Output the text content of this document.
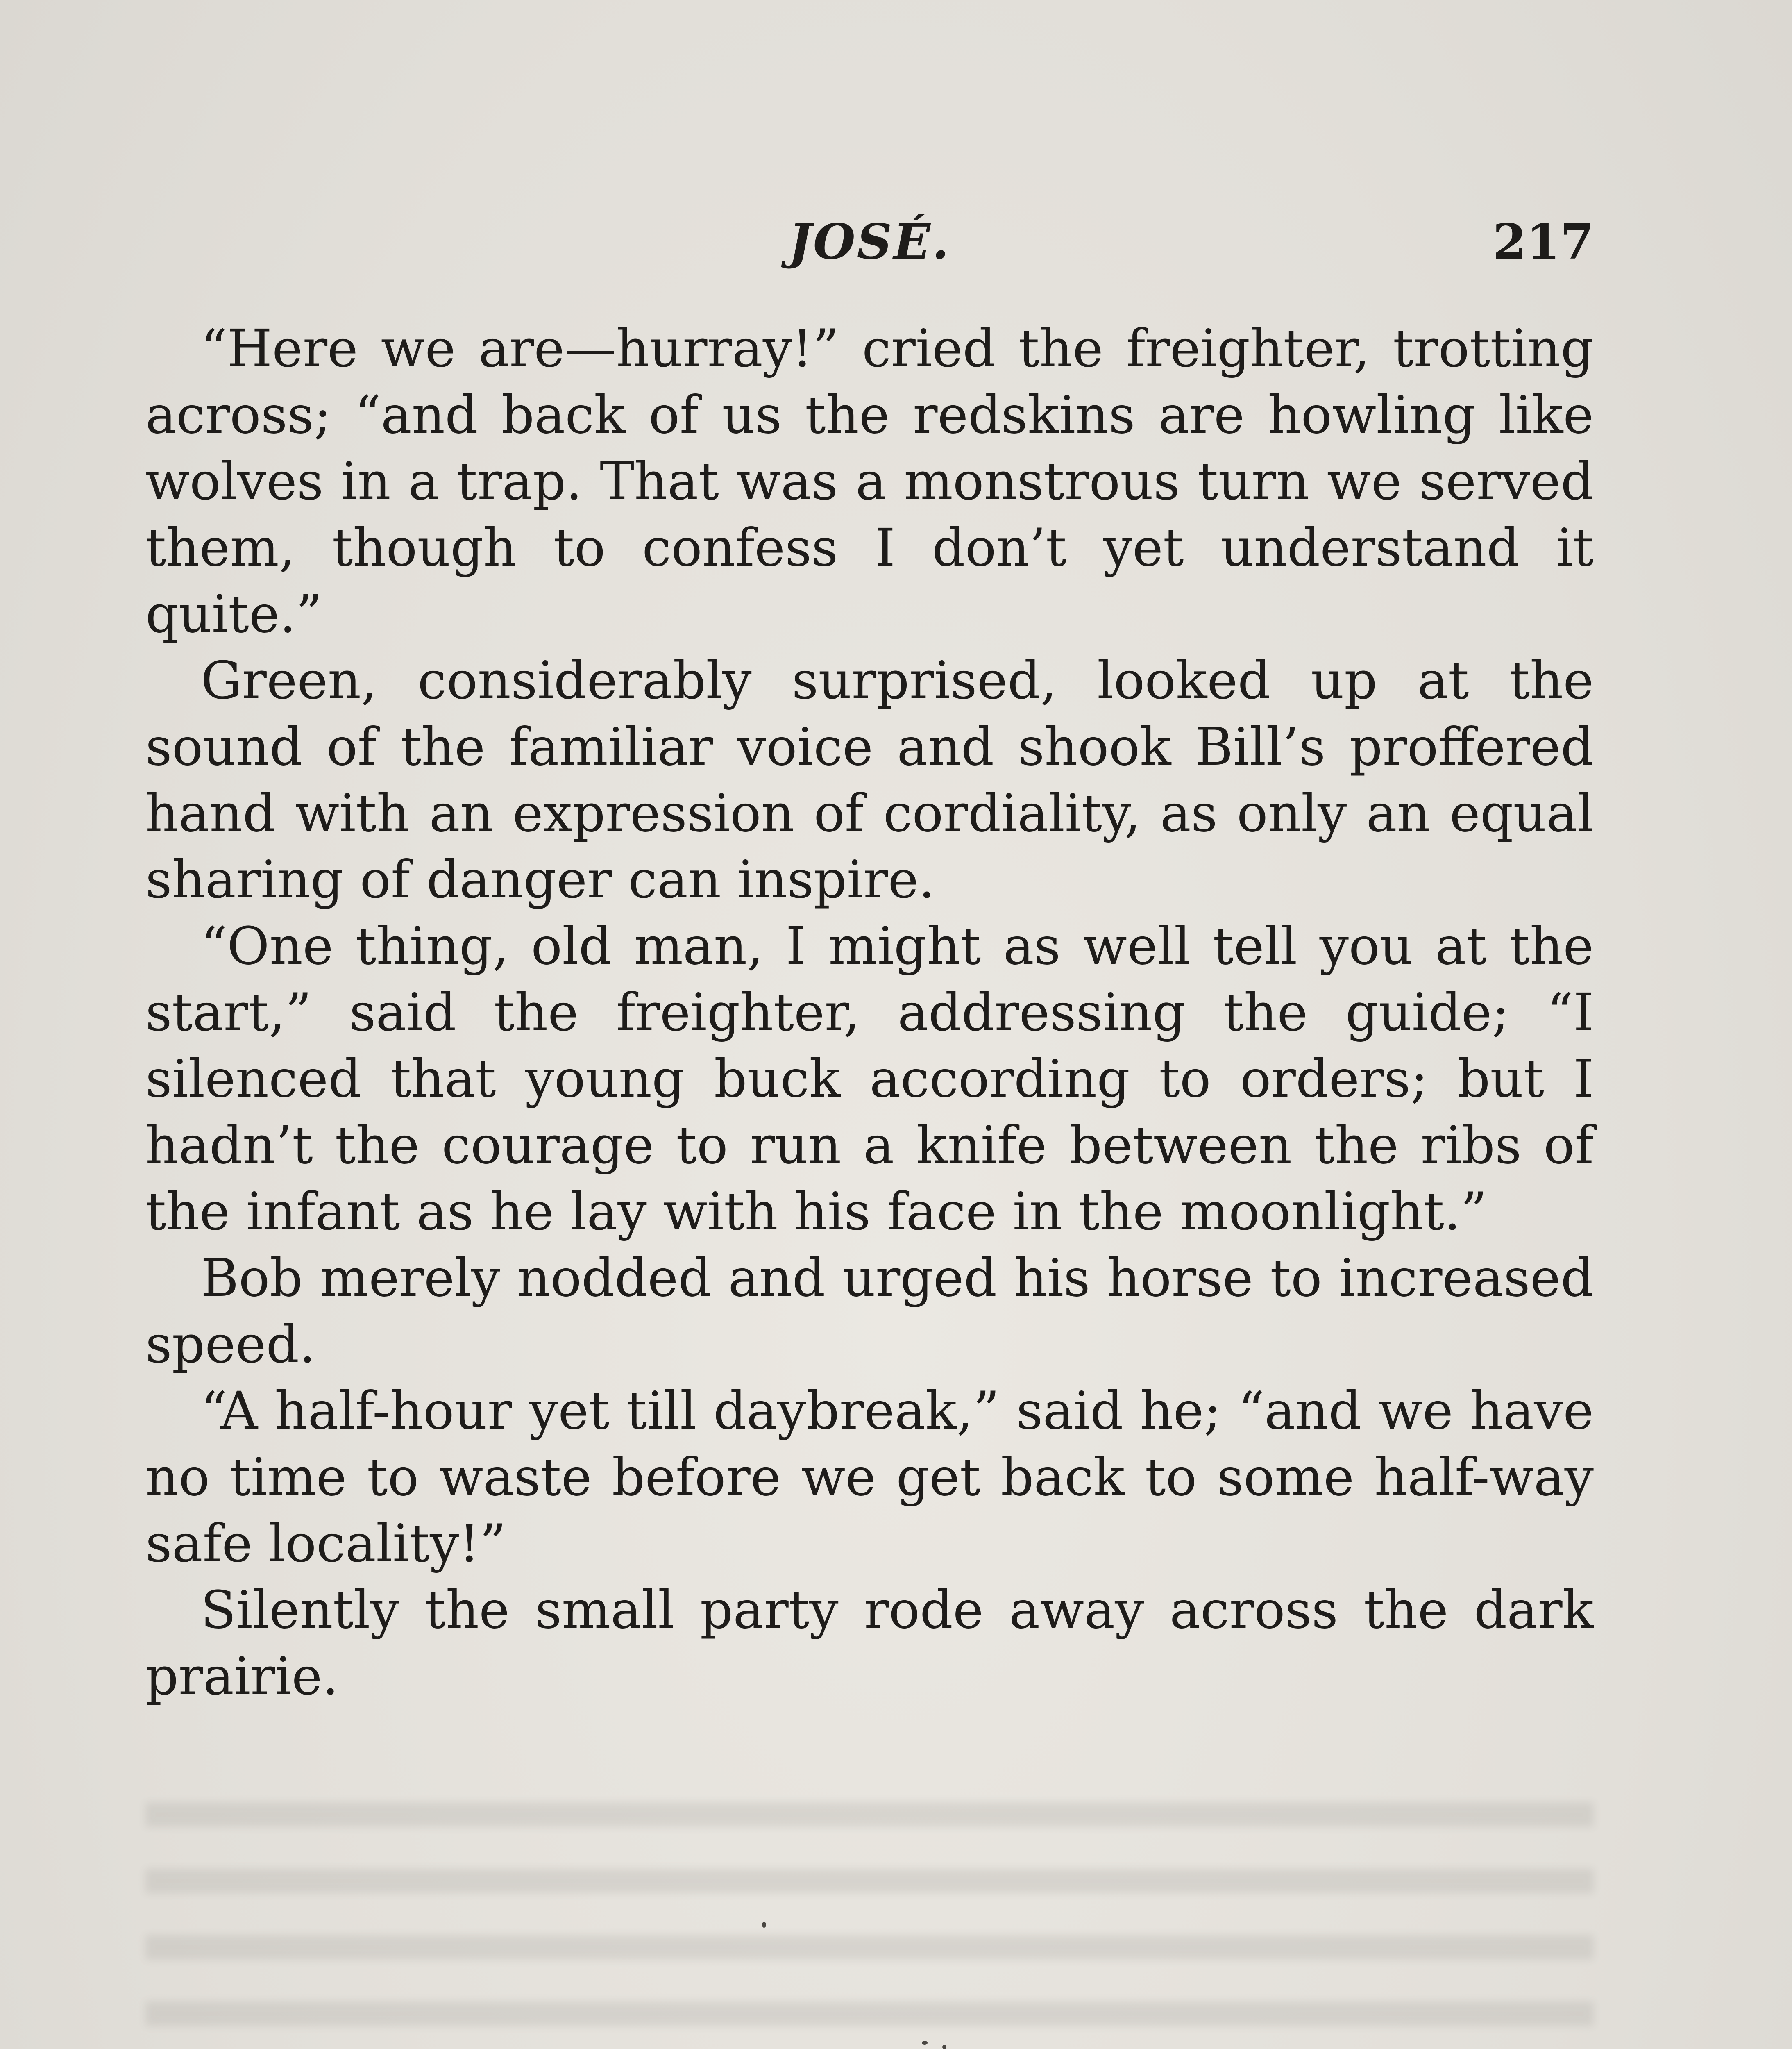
JOSÉ.	217

“Here we are—hurray!” cried the freighter, trotting across; “and back of us the redskins are howling like wolves in a trap. That was a monstrous turn we served them, though to confess I don’t yet understand it quite.”

Green, considerably surprised, looked up at the sound of the familiar voice and shook Bill’s proffered hand with an expression of cordiality, as only an equal sharing of danger can inspire.

“One thing, old man, I might as well tell you at the start,” said the freighter, addressing the guide; “I silenced that young buck according to orders; but I hadn’t the courage to run a knife between the ribs of the infant as he lay with his face in the moonlight.”

Bob merely nodded and urged his horse to increased speed.

“A half-hour yet till daybreak,” said he; “and we have no time to waste before we get back to some half-way safe locality!”

Silently the small party rode away across the dark prairie.
